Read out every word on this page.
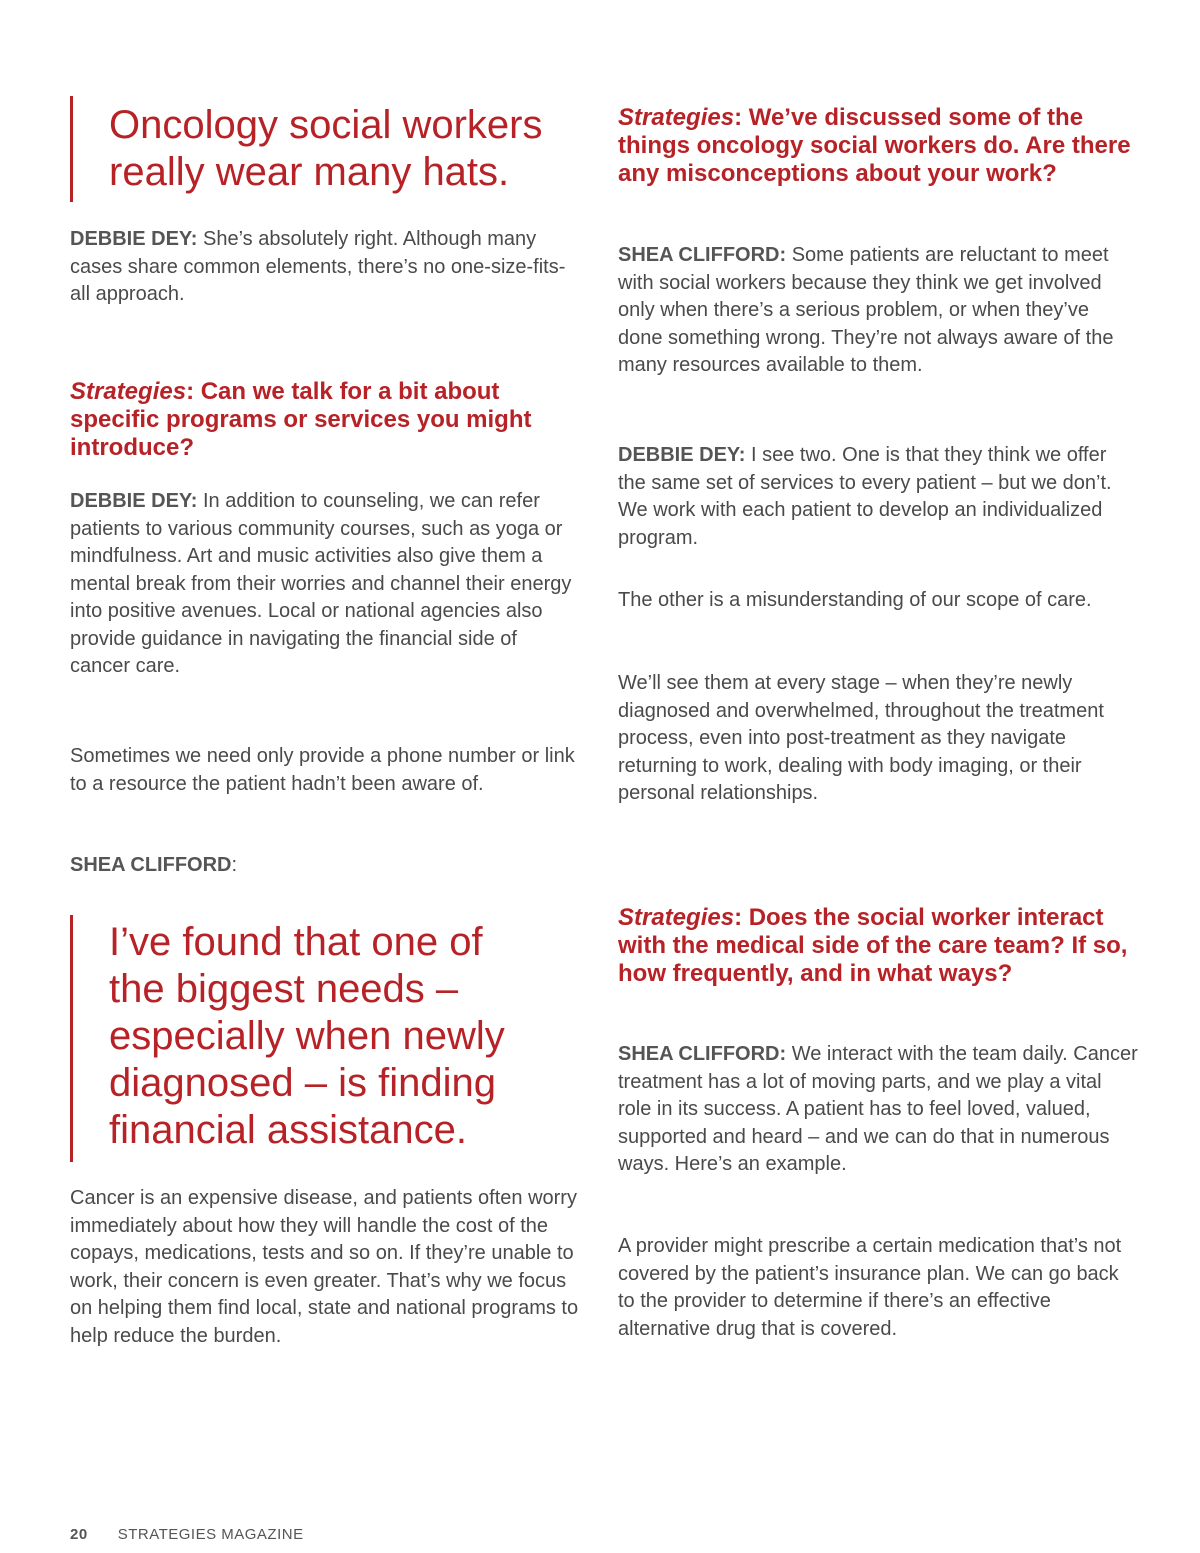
Oncology social workers
really wear many hats.

DEBBIE DEY: She’s absolutely right. Although many cases share common elements, there’s no one-size-fits-all approach.

Strategies: Can we talk for a bit about specific programs or services you might introduce?

DEBBIE DEY: In addition to counseling, we can refer patients to various community courses, such as yoga or mindfulness. Art and music activities also give them a mental break from their worries and channel their energy into positive avenues. Local or national agencies also provide guidance in navigating the financial side of cancer care.

Sometimes we need only provide a phone number or link to a resource the patient hadn’t been aware of.

SHEA CLIFFORD:

I’ve found that one of
the biggest needs –
especially when newly
diagnosed – is finding
financial assistance.

Cancer is an expensive disease, and patients often worry immediately about how they will handle the cost of the copays, medications, tests and so on. If they’re unable to work, their concern is even greater. That’s why we focus on helping them find local, state and national programs to help reduce the burden.

Strategies: We’ve discussed some of the things oncology social workers do. Are there any misconceptions about your work?

SHEA CLIFFORD: Some patients are reluctant to meet with social workers because they think we get involved only when there’s a serious problem, or when they’ve done something wrong. They’re not always aware of the many resources available to them.

DEBBIE DEY: I see two. One is that they think we offer the same set of services to every patient – but we don’t. We work with each patient to develop an individualized program.

The other is a misunderstanding of our scope of care.

We’ll see them at every stage – when they’re newly diagnosed and overwhelmed, throughout the treatment process, even into post-treatment as they navigate returning to work, dealing with body imaging, or their personal relationships.

Strategies: Does the social worker interact with the medical side of the care team? If so, how frequently, and in what ways?

SHEA CLIFFORD: We interact with the team daily. Cancer treatment has a lot of moving parts, and we play a vital role in its success. A patient has to feel loved, valued, supported and heard – and we can do that in numerous ways. Here’s an example.

A provider might prescribe a certain medication that’s not covered by the patient’s insurance plan. We can go back to the provider to determine if there’s an effective alternative drug that is covered.

20 STRATEGIES MAGAZINE
